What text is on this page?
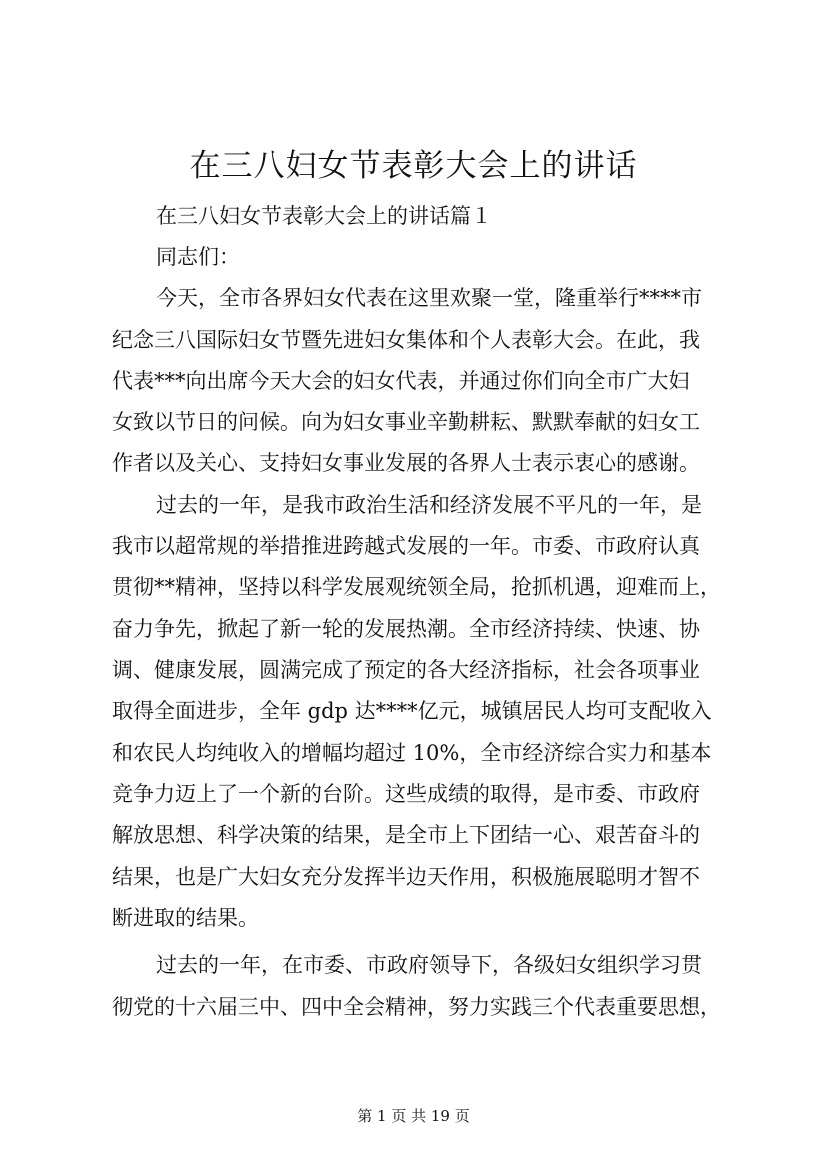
在三八妇女节表彰大会上的讲话
在三八妇女节表彰大会上的讲话篇１
同志们：
今天，全市各界妇女代表在这里欢聚一堂，隆重举行****市
纪念三八国际妇女节暨先进妇女集体和个人表彰大会。在此，我
代表***向出席今天大会的妇女代表，并通过你们向全市广大妇
女致以节日的问候。向为妇女事业辛勤耕耘、默默奉献的妇女工
作者以及关心、支持妇女事业发展的各界人士表示衷心的感谢。
过去的一年，是我市政治生活和经济发展不平凡的一年，是
我市以超常规的举措推进跨越式发展的一年。市委、市政府认真
贯彻**精神，坚持以科学发展观统领全局，抢抓机遇，迎难而上，
奋力争先，掀起了新一轮的发展热潮。全市经济持续、快速、协
调、健康发展，圆满完成了预定的各大经济指标，社会各项事业
取得全面进步，全年 gdp 达****亿元，城镇居民人均可支配收入
和农民人均纯收入的增幅均超过 10%，全市经济综合实力和基本
竞争力迈上了一个新的台阶。这些成绩的取得，是市委、市政府
解放思想、科学决策的结果，是全市上下团结一心、艰苦奋斗的
结果，也是广大妇女充分发挥半边天作用，积极施展聪明才智不
断进取的结果。
过去的一年，在市委、市政府领导下，各级妇女组织学习贯
彻党的十六届三中、四中全会精神，努力实践三个代表重要思想，
第 1 页 共 19 页
